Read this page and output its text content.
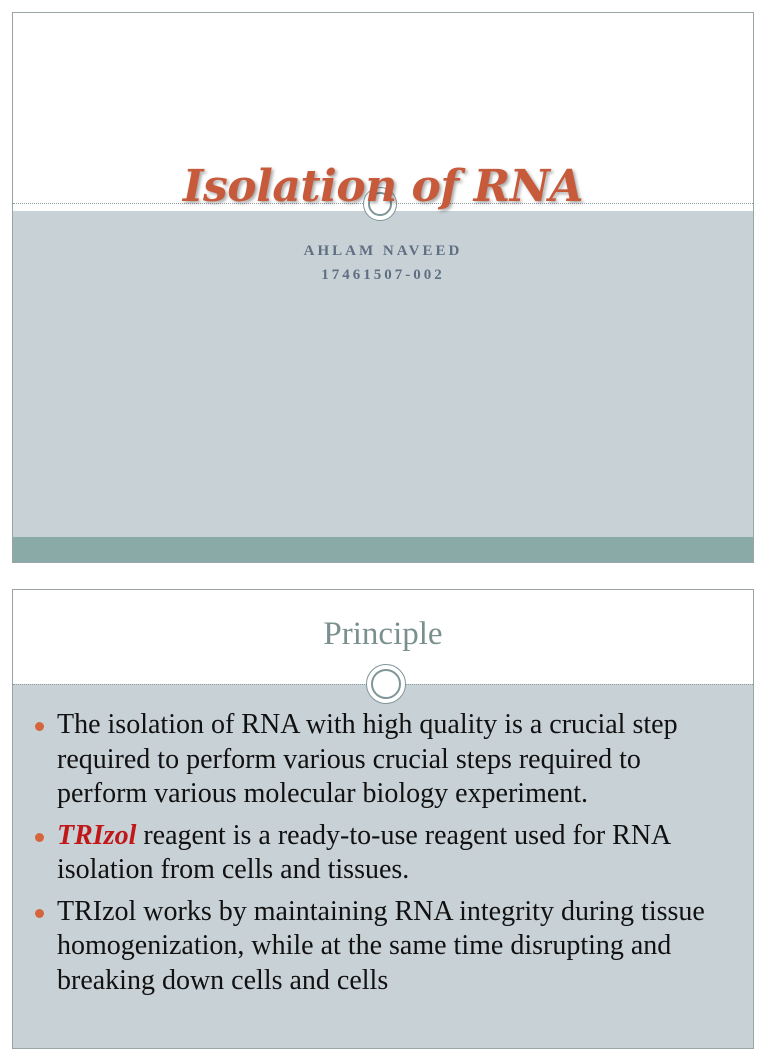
Isolation of RNA
AHLAM NAVEED
17461507-002
Principle
The isolation of RNA with high quality is a crucial step required to perform various crucial steps required to perform various molecular biology experiment.
TRIzol reagent is a ready-to-use reagent used for RNA isolation from cells and tissues.
TRIzol works by maintaining RNA integrity during tissue homogenization, while at the same time disrupting and breaking down cells and cells
